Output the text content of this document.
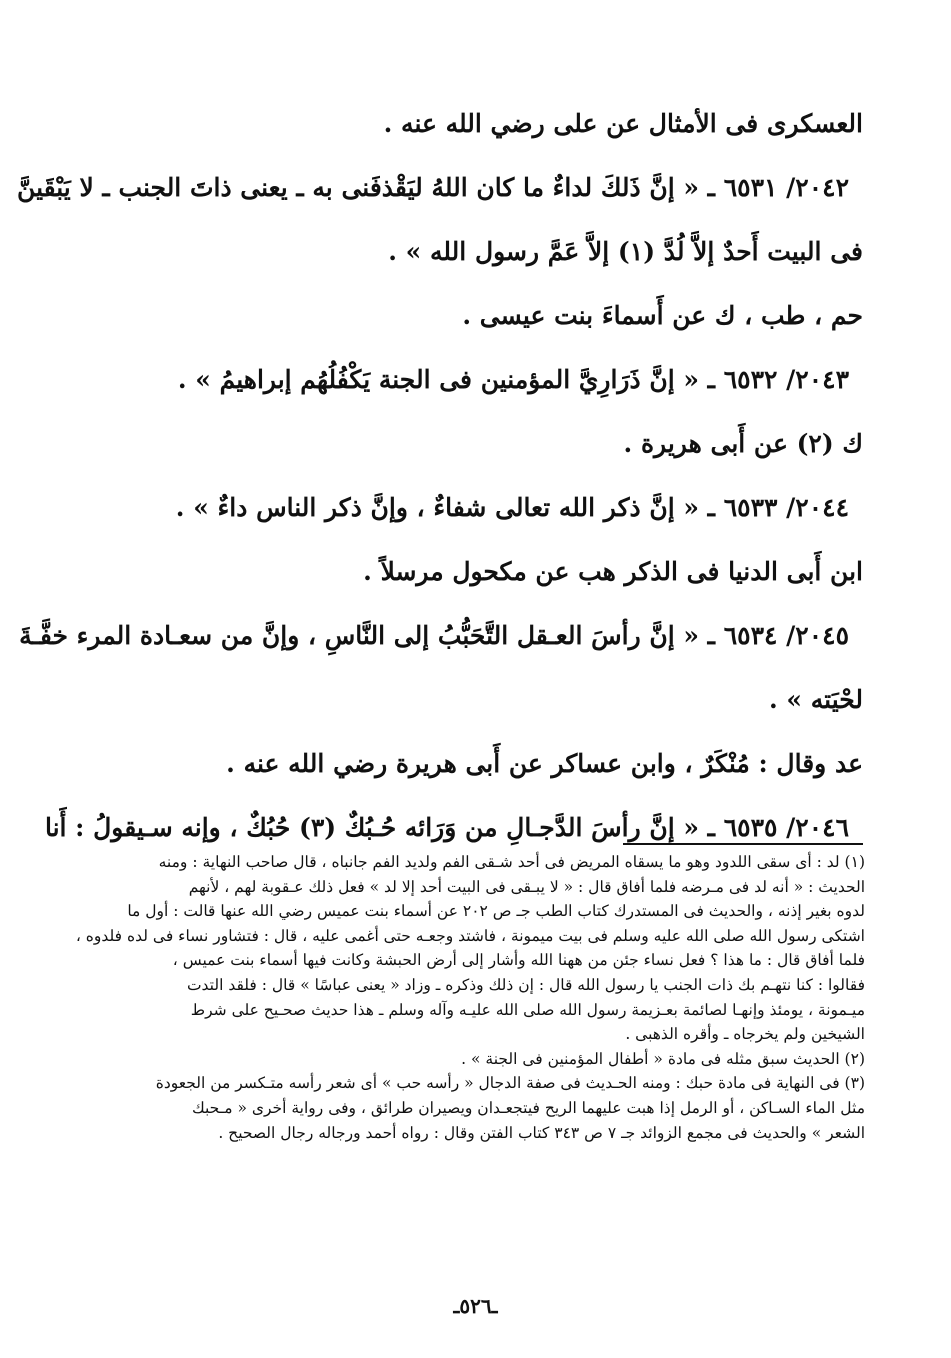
العسكرى فى الأمثال عن على رضي الله عنه .

٢٠٤٢/ ٦٥٣١ ـ « إنَّ ذَلكَ لداءٌ ما كان اللهُ ليَقْذفَنى به ـ يعنى ذاتَ الجنب ـ لا يَبْقَينَّ

فى البيت أَحدٌ إلاَّ لُدَّ (١) إلاَّ عَمَّ رسول الله » .

حم ، طب ، ك عن أَسماءَ بنت عيسى .

٢٠٤٣/ ٦٥٣٢ ـ « إنَّ ذَرَارِيَّ المؤمنين فى الجنة يَكْفُلُهُم إبراهيمُ » .

ك (٢) عن أَبى هريرة .

٢٠٤٤/ ٦٥٣٣ ـ « إنَّ ذكر الله تعالى شفاءٌ ، وإنَّ ذكر الناس داءٌ » .

ابن أَبى الدنيا فى الذكر هب عن مكحول مرسلاً .

٢٠٤٥/ ٦٥٣٤ ـ « إنَّ رأسَ العـقل التَّحَبُّبُ إلى النَّاسِ ، وإنَّ من سعـادة المرء خفَّـةَ

لحْيَته » .

عد وقال : مُنْكَرٌ ، وابن عساكر عن أَبى هريرة رضي الله عنه .

٢٠٤٦/ ٦٥٣٥ ـ « إنَّ رأسَ الدَّجـالِ من وَرَائه حُـبُكٌ (٣) حُبُكٌ ، وإنه سـيقولُ : أَنا

(١) لد : أى سقى اللدود وهو ما يسقاه المريض فى أحد شـقى الفم ولديد الفم جانباه ، قال صاحب النهاية : ومنه

الحديث : « أنه لد فى مـرضه فلما أفاق قال : « لا يبـقى فى البيت أحد إلا لد » فعل ذلك عـقوبة لهم ، لأنهم

لدوه بغير إذنه ، والحديث فى المستدرك كتاب الطب جـ ص ٢٠٢ عن أسماء بنت عميس رضي الله عنها قالت : أول ما

اشتكى رسول الله صلى الله عليه وسلم فى بيت ميمونة ، فاشتد وجعـه حتى أغمى عليه ، قال : فتشاور نساء فى لده فلدوه ،

فلما أفاق قال : ما هذا ؟ فعل نساء جئن من ههنا الله وأشار إلى أرض الحبشة وكانت فيها أسماء بنت عميس ،

فقالوا : كنا نتهـم بك ذات الجنب يا رسول الله قال : إن ذلك وذكره ـ وزاد « يعنى عباسًا » قال : فلقد التدت

ميـمونة ، يومئذ وإنهـا لصائمة بعـزيمة رسول الله صلى الله عليـه وآله وسلم ـ هذا حديث صحـيح على شرط

الشيخين ولم يخرجاه ـ وأقره الذهبى .

(٢) الحديث سبق مثله فى مادة « أطفال المؤمنين فى الجنة » .

(٣) فى النهاية فى مادة حبك : ومنه الحـديث فى صفة الدجال « رأسه حب » أى شعر رأسه متـكسر من الجعودة

مثل الماء السـاكن ، أو الرمل إذا هبت عليهما الريح فيتجعـدان ويصيران طرائق ، وفى رواية أخرى « مـحبك

الشعر » والحديث فى مجمع الزوائد جـ ٧ ص ٣٤٣ كتاب الفتن وقال : رواه أحمد ورجاله رجال الصحيح .

ـ٥٢٦ـ
